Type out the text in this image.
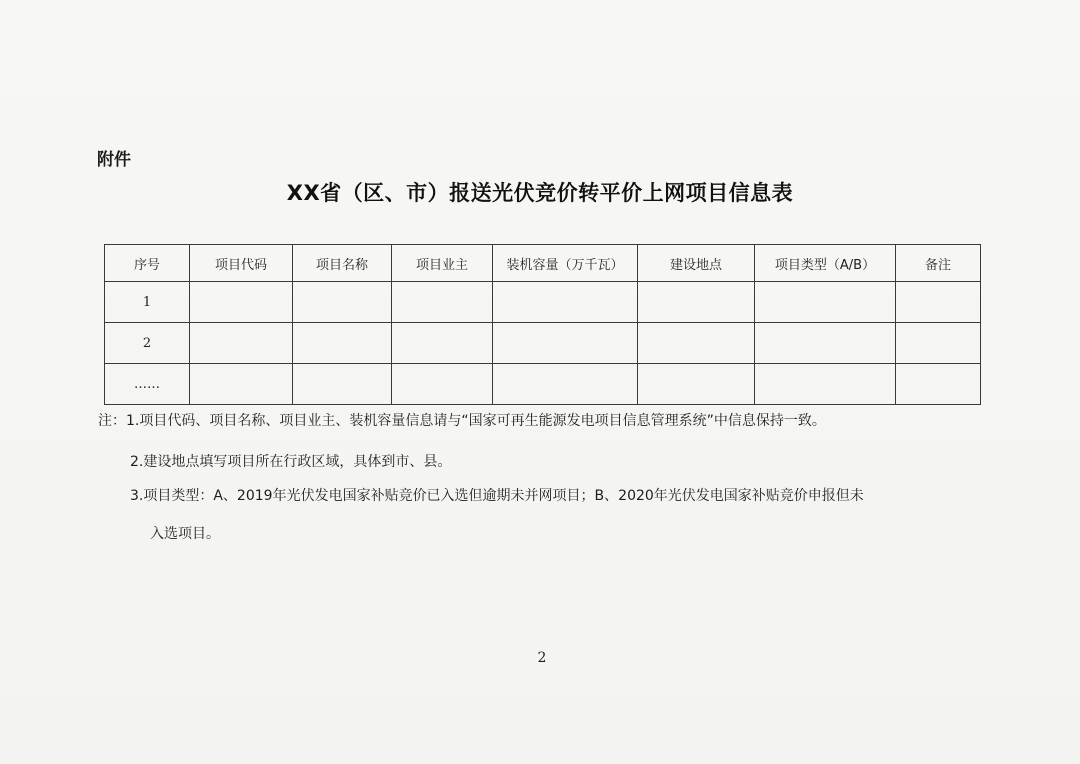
附件
XX省（区、市）报送光伏竞价转平价上网项目信息表
序号	项目代码	项目名称	项目业主	装机容量（万千瓦）	建设地点	项目类型（A/B）	备注
1							
2							
……							
注：1.项目代码、项目名称、项目业主、装机容量信息请与“国家可再生能源发电项目信息管理系统”中信息保持一致。
2.建设地点填写项目所在行政区域，具体到市、县。
3.项目类型：A、2019年光伏发电国家补贴竞价已入选但逾期未并网项目；B、2020年光伏发电国家补贴竞价申报但未
入选项目。
2
